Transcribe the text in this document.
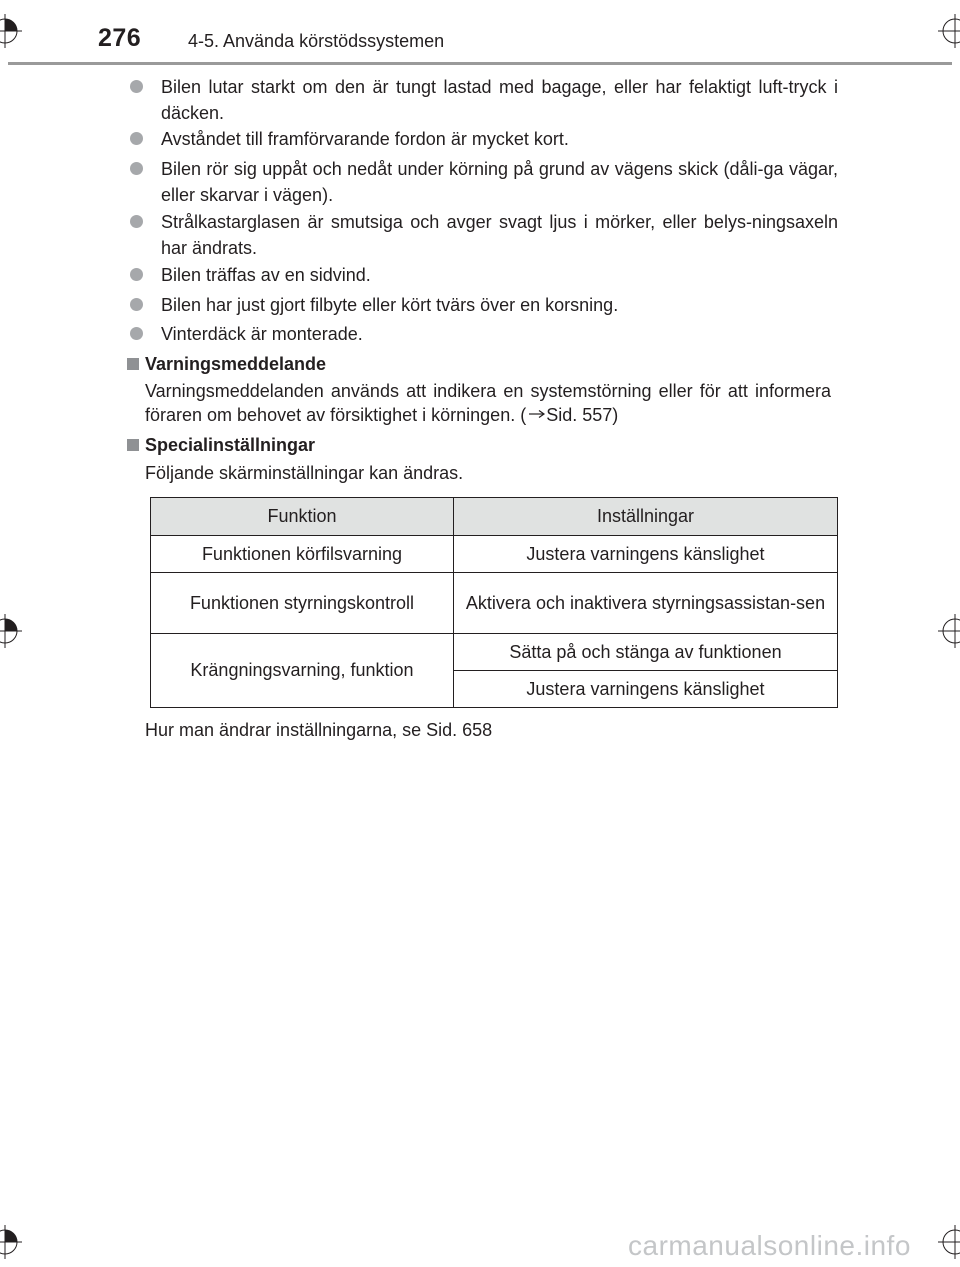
276	4-5. Använda körstödssystemen
Bilen lutar starkt om den är tungt lastad med bagage, eller har felaktigt luft-tryck i däcken.
Avståndet till framförvarande fordon är mycket kort.
Bilen rör sig uppåt och nedåt under körning på grund av vägens skick (dåli-ga vägar, eller skarvar i vägen).
Strålkastarglasen är smutsiga och avger svagt ljus i mörker, eller belys-ningsaxeln har ändrats.
Bilen träffas av en sidvind.
Bilen har just gjort filbyte eller kört tvärs över en korsning.
Vinterdäck är monterade.
Varningsmeddelande
Varningsmeddelanden används att indikera en systemstörning eller för att informera föraren om behovet av försiktighet i körningen. ( Sid. 557)
Specialinställningar
Följande skärminställningar kan ändras.
Funktion	Inställningar
Funktionen körfilsvarning	Justera varningens känslighet
Funktionen styrningskontroll	Aktivera och inaktivera styrningsassistan-sen
Krängningsvarning, funktion	Sätta på och stänga av funktionen
	Justera varningens känslighet
Hur man ändrar inställningarna, se Sid. 658
carmanualsonline.info
